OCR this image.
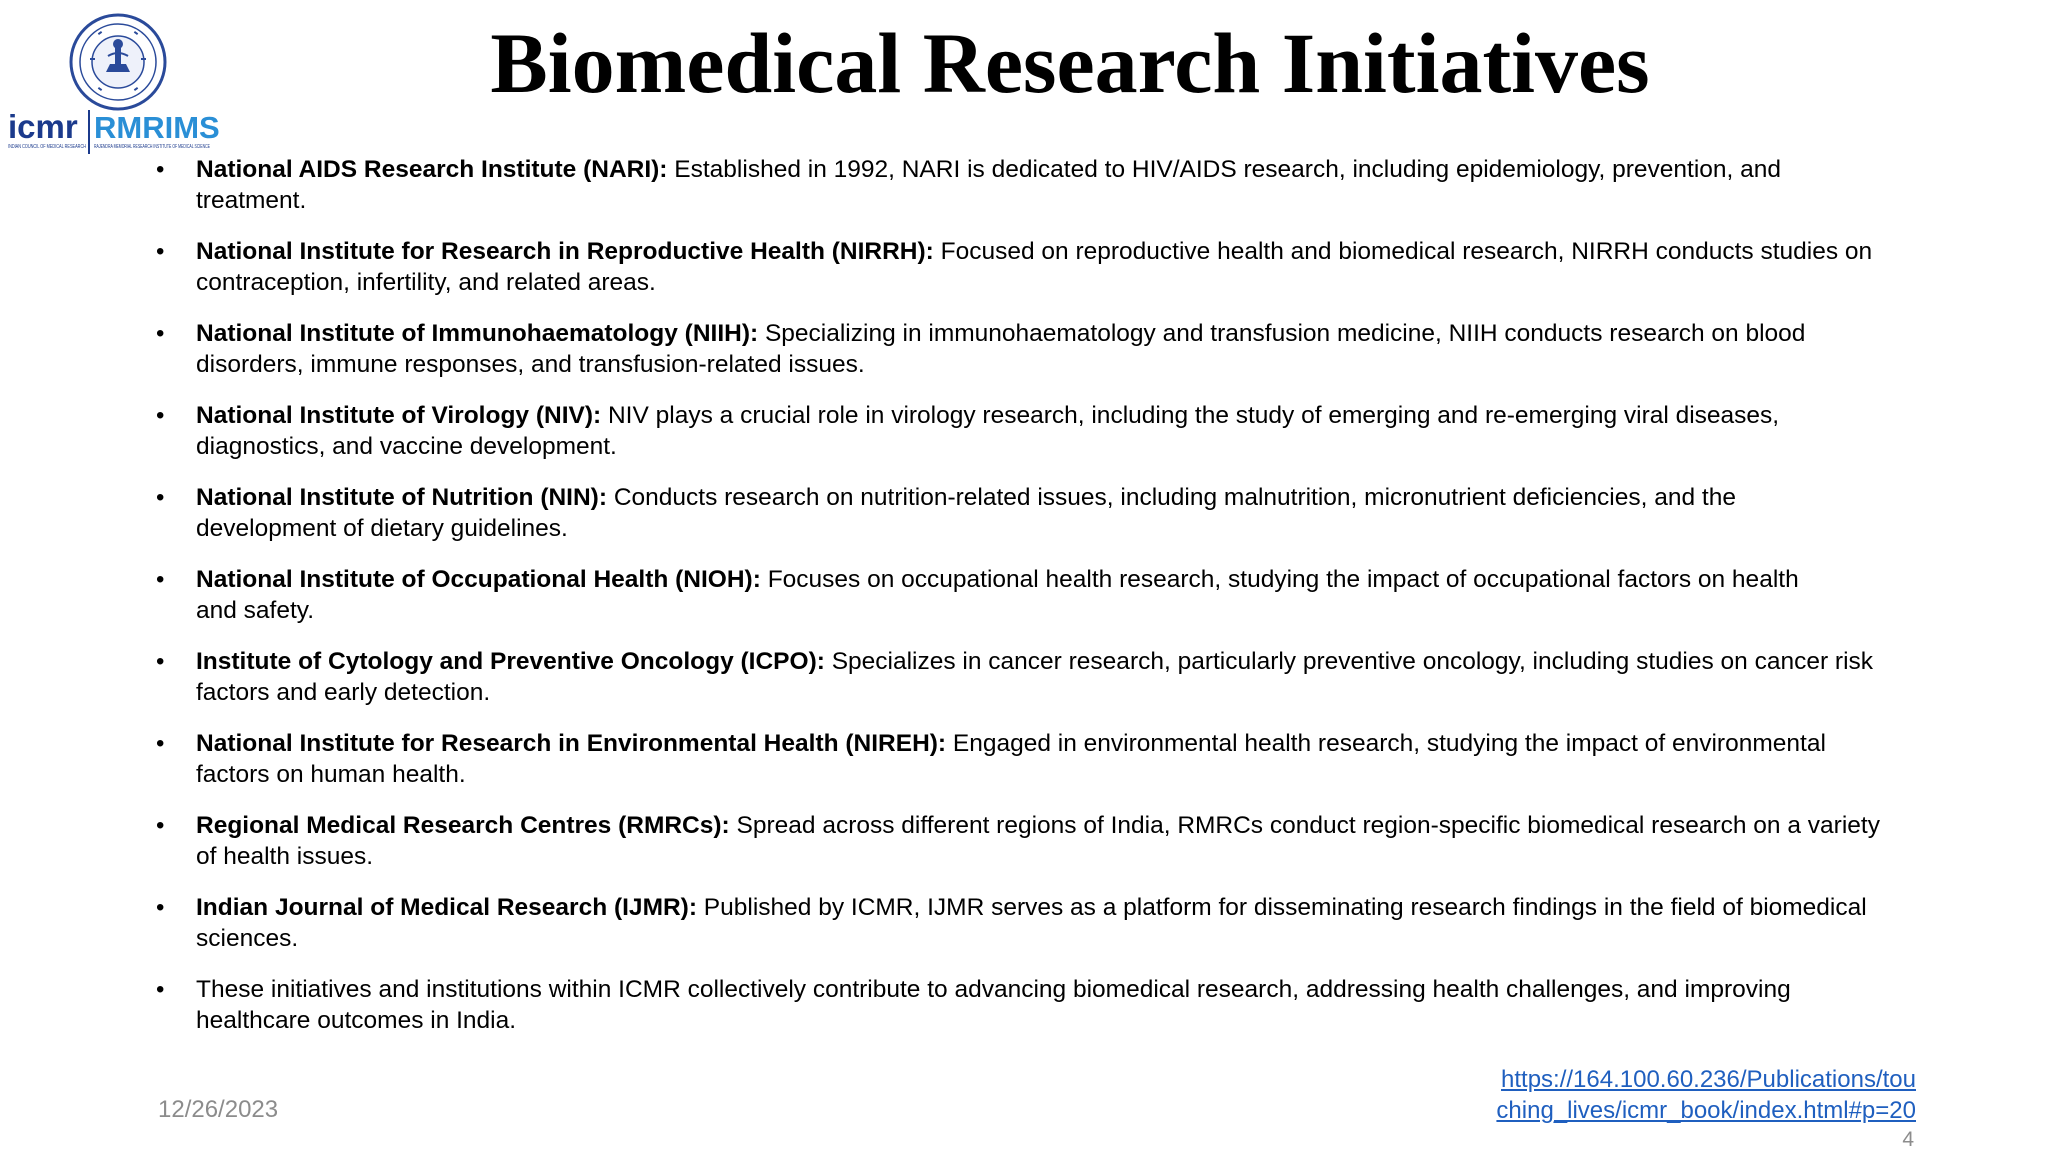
icmr RMRIMS
INDIAN COUNCIL OF MEDICAL RESEARCH RAJENDRA MEMORIAL RESEARCH INSTITUTE OF MEDICAL SCIENCE
Biomedical Research Initiatives
• National AIDS Research Institute (NARI): Established in 1992, NARI is dedicated to HIV/AIDS research, including epidemiology, prevention, and
treatment.
• National Institute for Research in Reproductive Health (NIRRH): Focused on reproductive health and biomedical research, NIRRH conducts studies on
contraception, infertility, and related areas.
• National Institute of Immunohaematology (NIIH): Specializing in immunohaematology and transfusion medicine, NIIH conducts research on blood
disorders, immune responses, and transfusion-related issues.
• National Institute of Virology (NIV): NIV plays a crucial role in virology research, including the study of emerging and re-emerging viral diseases,
diagnostics, and vaccine development.
• National Institute of Nutrition (NIN): Conducts research on nutrition-related issues, including malnutrition, micronutrient deficiencies, and the
development of dietary guidelines.
• National Institute of Occupational Health (NIOH): Focuses on occupational health research, studying the impact of occupational factors on health
and safety.
• Institute of Cytology and Preventive Oncology (ICPO): Specializes in cancer research, particularly preventive oncology, including studies on cancer risk
factors and early detection.
• National Institute for Research in Environmental Health (NIREH): Engaged in environmental health research, studying the impact of environmental
factors on human health.
• Regional Medical Research Centres (RMRCs): Spread across different regions of India, RMRCs conduct region-specific biomedical research on a variety
of health issues.
• Indian Journal of Medical Research (IJMR): Published by ICMR, IJMR serves as a platform for disseminating research findings in the field of biomedical
sciences.
• These initiatives and institutions within ICMR collectively contribute to advancing biomedical research, addressing health challenges, and improving
healthcare outcomes in India.
12/26/2023
https://164.100.60.236/Publications/tou
ching_lives/icmr_book/index.html#p=20
4
